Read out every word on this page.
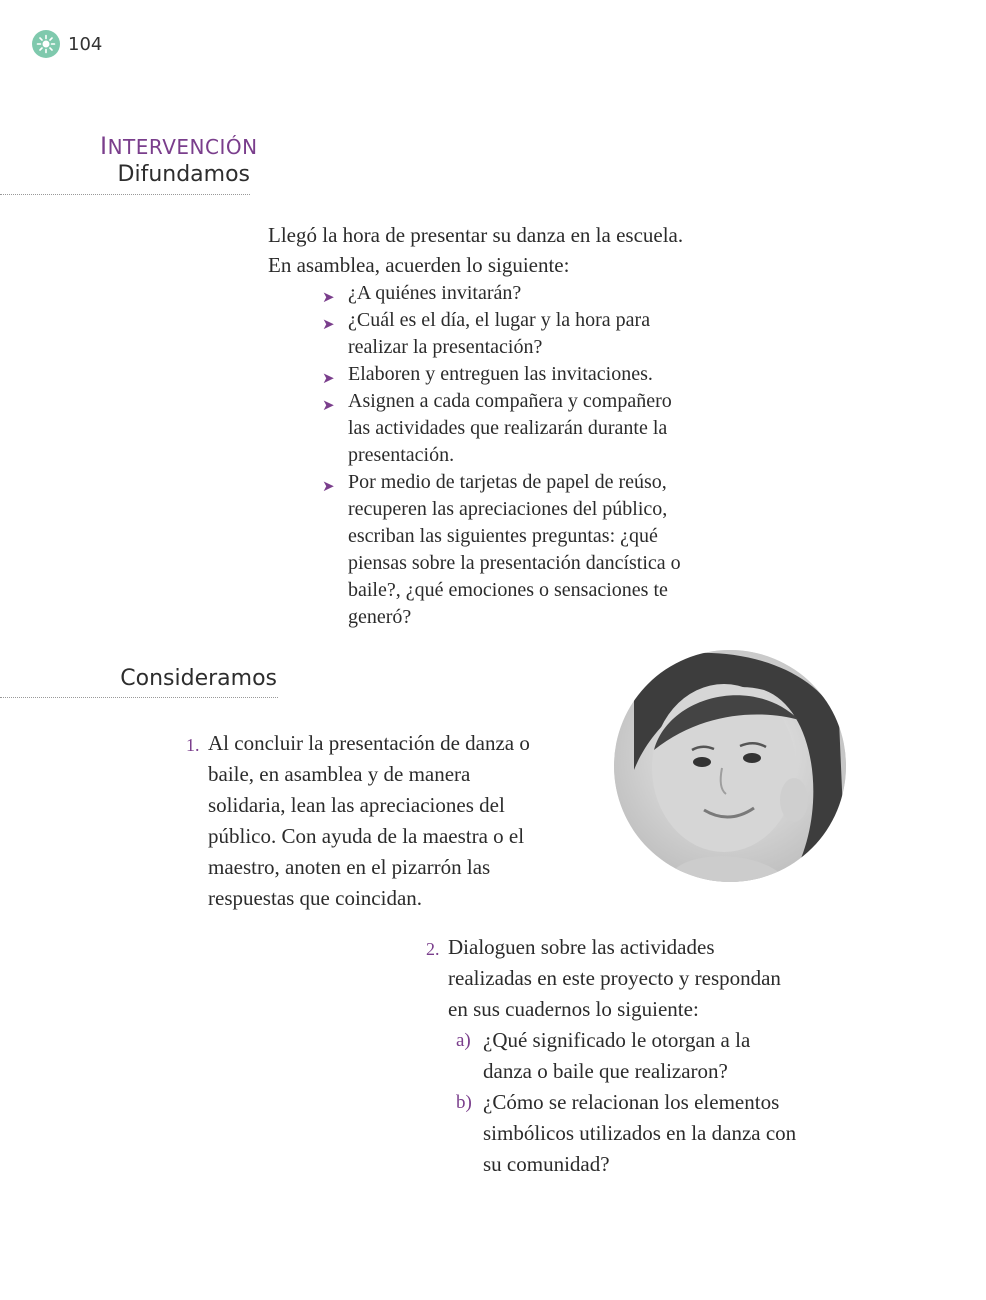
104
INTERVENCIÓN
Difundamos
Llegó la hora de presentar su danza en la escuela.
En asamblea, acuerden lo siguiente:
➤ ¿A quiénes invitarán?
➤ ¿Cuál es el día, el lugar y la hora para realizar la presentación?
➤ Elaboren y entreguen las invitaciones.
➤ Asignen a cada compañera y compañero las actividades que realizarán durante la presentación.
➤ Por medio de tarjetas de papel de reúso, recuperen las apreciaciones del público, escriban las siguientes preguntas: ¿qué piensas sobre la presentación dancística o baile?, ¿qué emociones o sensaciones te generó?
Consideramos
1. Al concluir la presentación de danza o baile, en asamblea y de manera solidaria, lean las apreciaciones del público. Con ayuda de la maestra o el maestro, anoten en el pizarrón las respuestas que coincidan.
2. Dialoguen sobre las actividades realizadas en este proyecto y respondan en sus cuadernos lo siguiente:
a) ¿Qué significado le otorgan a la danza o baile que realizaron?
b) ¿Cómo se relacionan los elementos simbólicos utilizados en la danza con su comunidad?
